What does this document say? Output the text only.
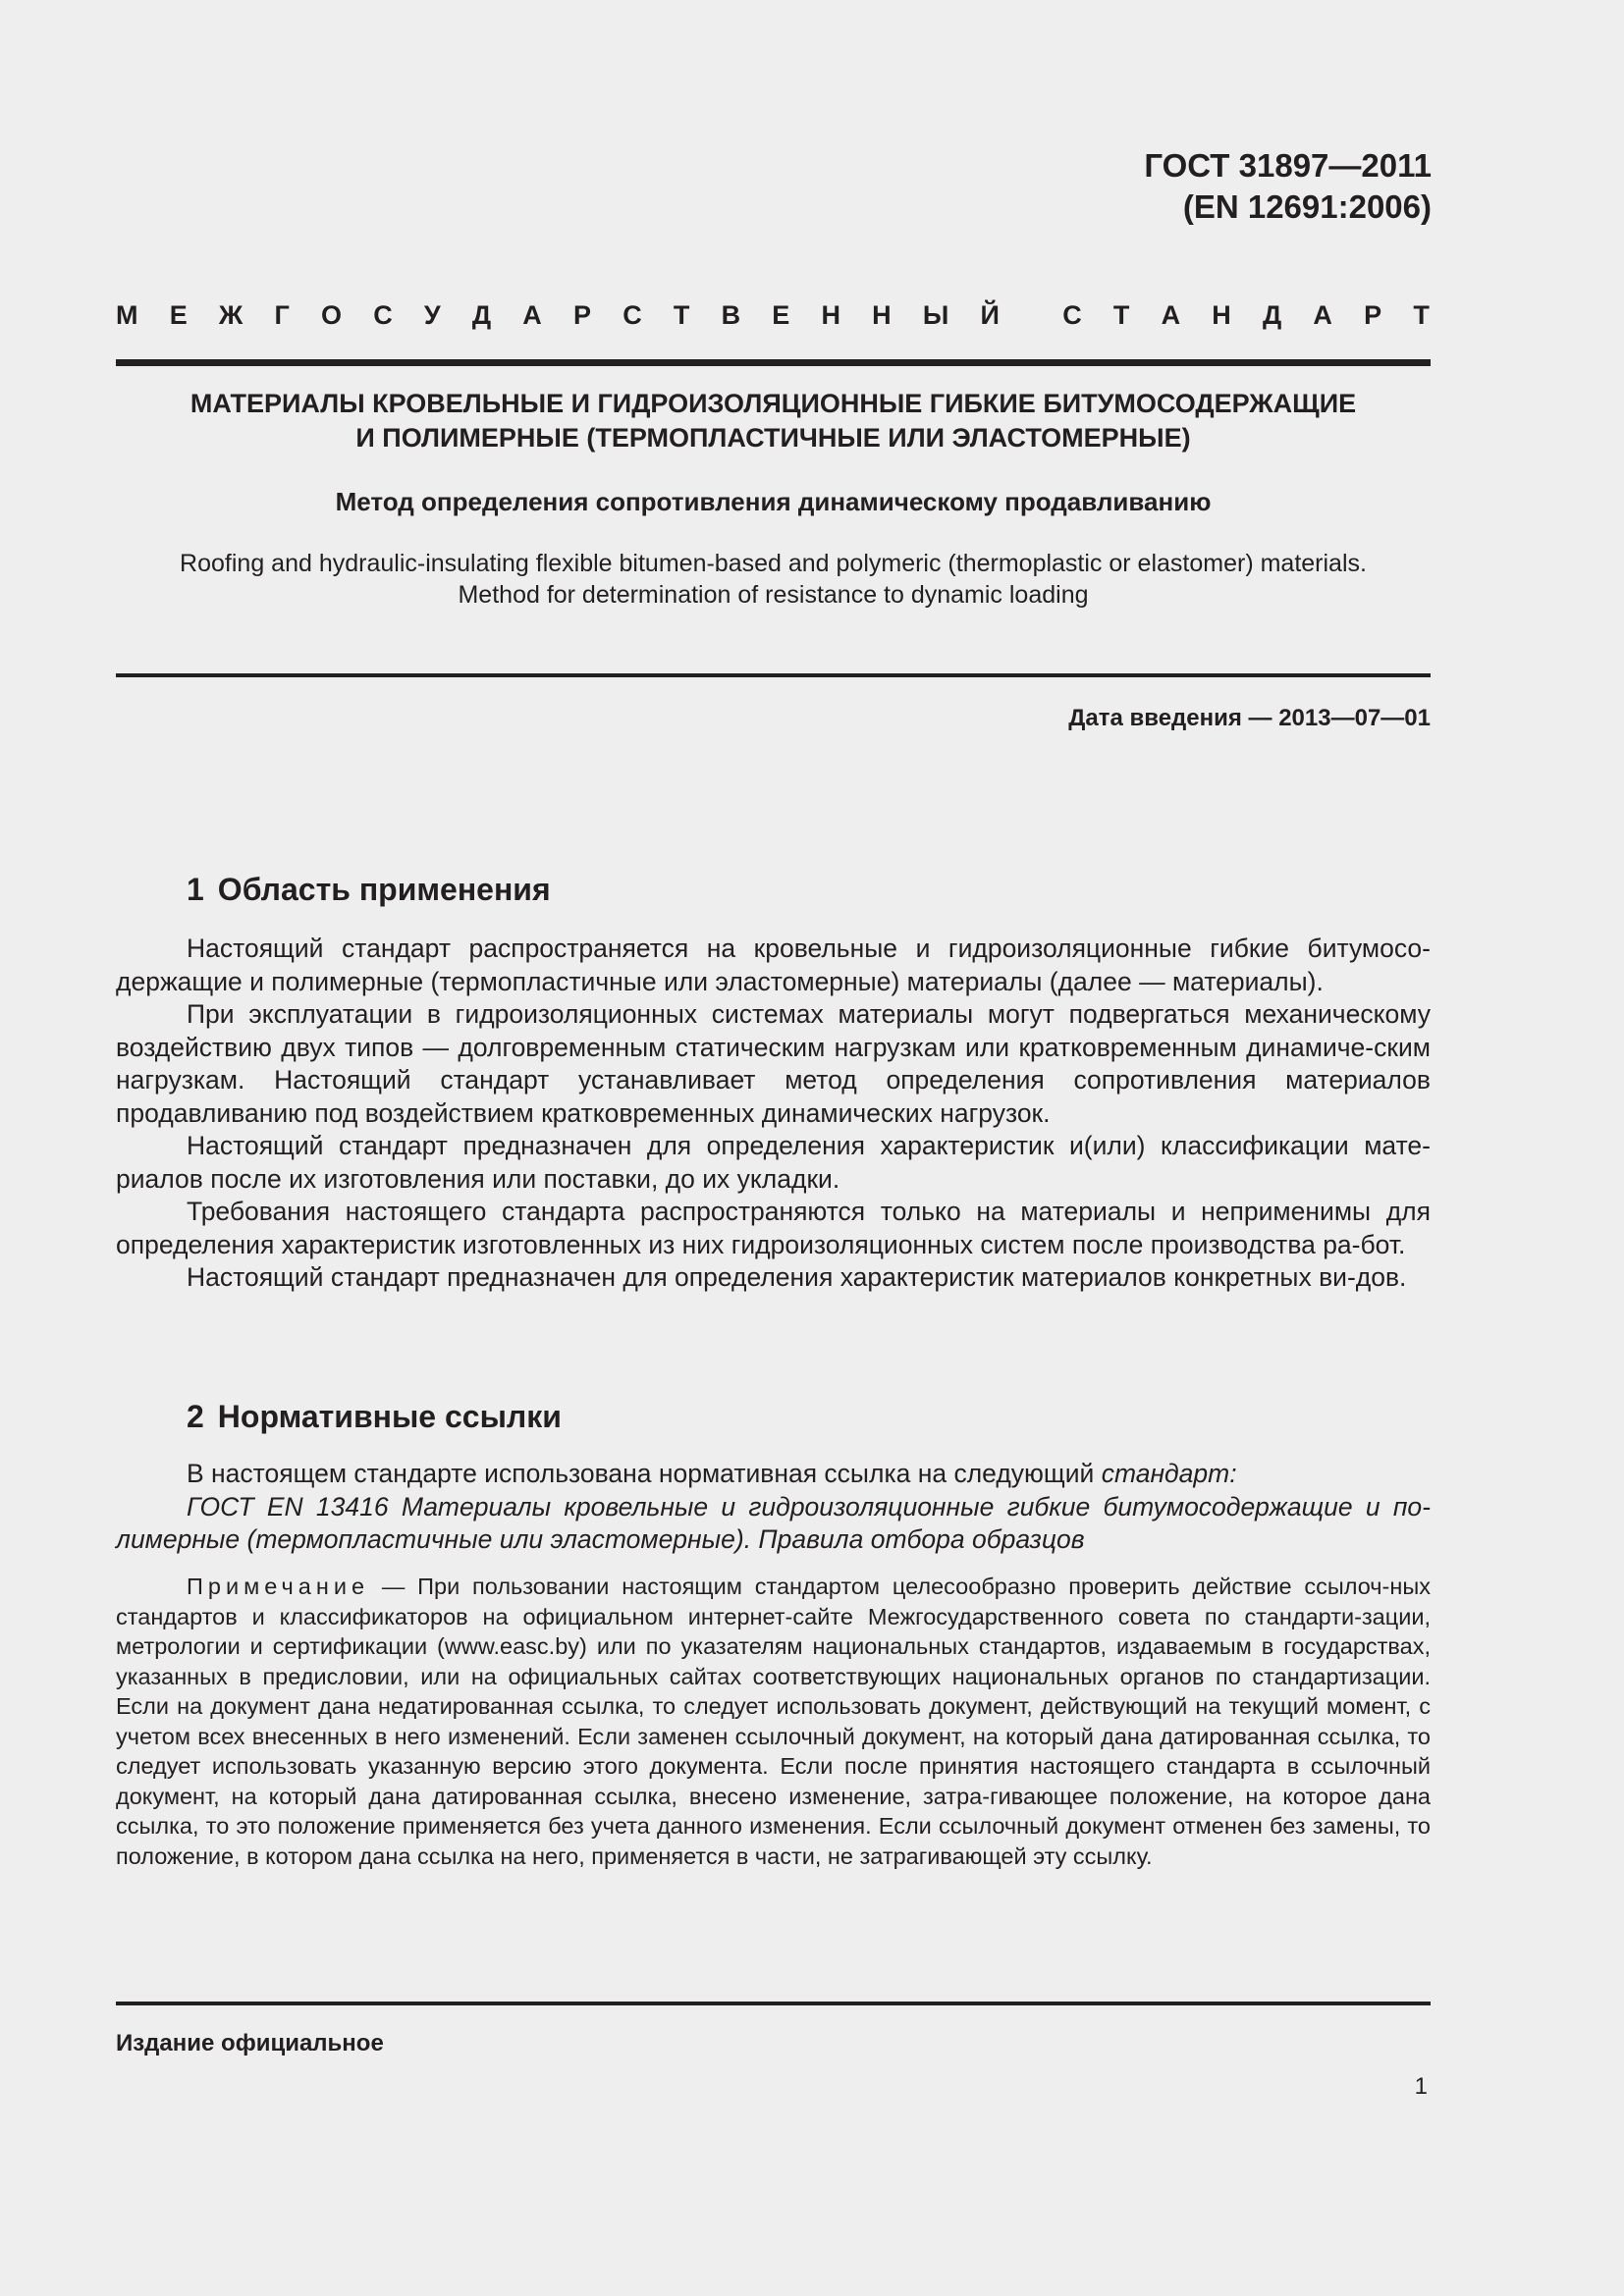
ГОСТ 31897—2011
(EN 12691:2006)
М Е Ж Г О С У Д А Р С Т В Е Н Н Ы Й С Т А Н Д А Р Т
МАТЕРИАЛЫ КРОВЕЛЬНЫЕ И ГИДРОИЗОЛЯЦИОННЫЕ ГИБКИЕ БИТУМОСОДЕРЖАЩИЕ
И ПОЛИМЕРНЫЕ (ТЕРМОПЛАСТИЧНЫЕ ИЛИ ЭЛАСТОМЕРНЫЕ)
Метод определения сопротивления динамическому продавливанию
Roofing and hydraulic-insulating flexible bitumen-based and polymeric (thermoplastic or elastomer) materials.
Method for determination of resistance to dynamic loading
Дата введения — 2013—07—01
1 Область применения

Настоящий стандарт распространяется на кровельные и гидроизоляционные гибкие битумосо-держащие и полимерные (термопластичные или эластомерные) материалы (далее — материалы).

При эксплуатации в гидроизоляционных системах материалы могут подвергаться механическому воздействию двух типов — долговременным статическим нагрузкам или кратковременным динамиче-ским нагрузкам. Настоящий стандарт устанавливает метод определения сопротивления материалов продавливанию под воздействием кратковременных динамических нагрузок.

Настоящий стандарт предназначен для определения характеристик и(или) классификации мате-риалов после их изготовления или поставки, до их укладки.

Требования настоящего стандарта распространяются только на материалы и неприменимы для определения характеристик изготовленных из них гидроизоляционных систем после производства ра-бот.

Настоящий стандарт предназначен для определения характеристик материалов конкретных ви-дов.

2 Нормативные ссылки

В настоящем стандарте использована нормативная ссылка на следующий стандарт:

ГОСТ EN 13416 Материалы кровельные и гидроизоляционные гибкие битумосодержащие и по-лимерные (термопластичные или эластомерные). Правила отбора образцов

Примечание — При пользовании настоящим стандартом целесообразно проверить действие ссылоч-ных стандартов и классификаторов на официальном интернет-сайте Межгосударственного совета по стандарти-зации, метрологии и сертификации (www.easc.by) или по указателям национальных стандартов, издаваемым в государствах, указанных в предисловии, или на официальных сайтах соответствующих национальных органов по стандартизации. Если на документ дана недатированная ссылка, то следует использовать документ, действующий на текущий момент, с учетом всех внесенных в него изменений. Если заменен ссылочный документ, на который дана датированная ссылка, то следует использовать указанную версию этого документа. Если после принятия настоящего стандарта в ссылочный документ, на который дана датированная ссылка, внесено изменение, затра-гивающее положение, на которое дана ссылка, то это положение применяется без учета данного изменения. Если ссылочный документ отменен без замены, то положение, в котором дана ссылка на него, применяется в части, не затрагивающей эту ссылку.

Издание официальное
1
